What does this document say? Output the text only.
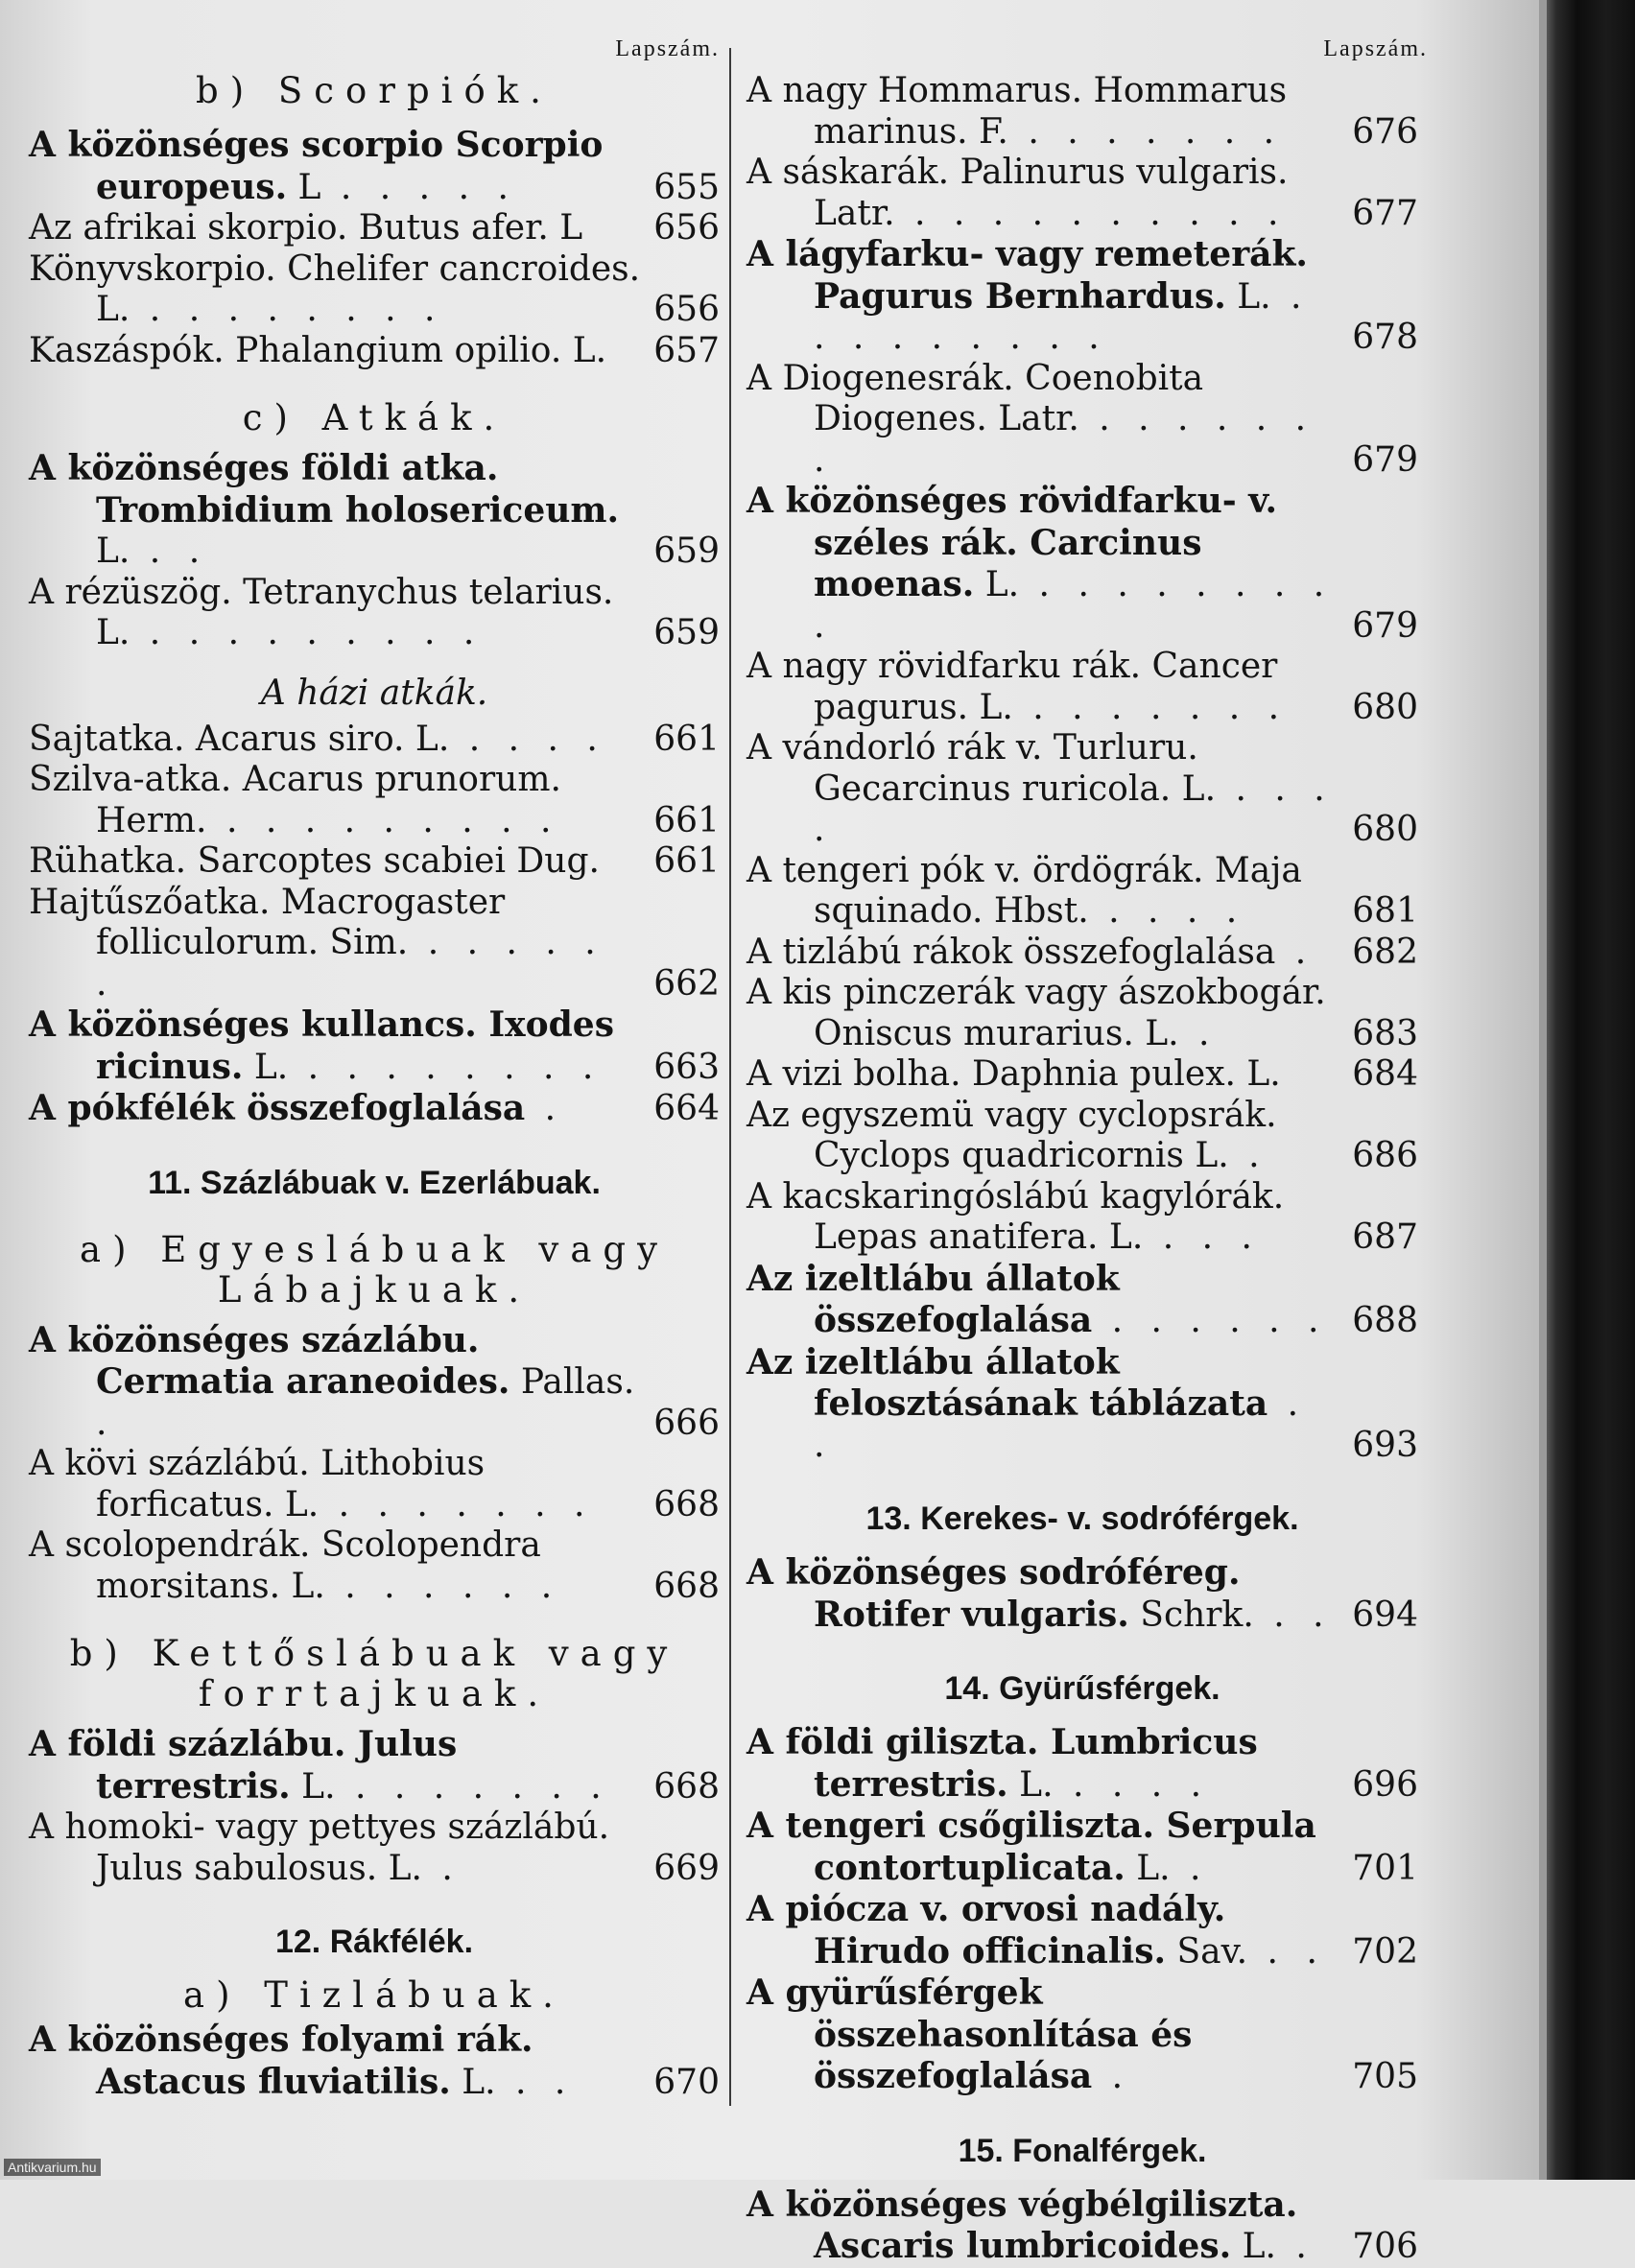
Lapszám.
b) Scorpiók.
A közönséges scorpio Scorpio europeus. L . . . . .	655
Az afrikai skorpio. Butus afer. L	656
Könyvskorpio. Chelifer cancroides. L. . . . . . . . .	656
Kaszáspók. Phalangium opilio. L.	657
c) Atkák.
A közönséges földi atka. Trombidium holosericeum. L. . .	659
A rézüszög. Tetranychus telarius. L. . . . . . . . . .	659
A házi atkák.
Sajtatka. Acarus siro. L. . . . .	661
Szilva-atka. Acarus prunorum. Herm. . . . . . . . . .	661
Rühatka. Sarcoptes scabiei Dug.	661
Hajtűszőatka. Macrogaster folliculorum. Sim. . . . . . .	662
A közönséges kullancs. Ixodes ricinus. L. . . . . . . . .	663
A pókfélék összefoglalása .	664
11. Százlábuak v. Ezerlábuak.
a) Egyeslábuak vagy Lábajkuak.
A közönséges százlábu. Cermatia araneoides. Pallas. .	666
A kövi százlábú. Lithobius forficatus. L. . . . . . . .	668
A scolopendrák. Scolopendra morsitans. L. . . . . . .	668
b) Kettőslábuak vagy forrtajkuak.
A földi százlábu. Julus terrestris. L. . . . . . . .	668
A homoki- vagy pettyes százlábú. Julus sabulosus. L. .	669
12. Rákfélék.
a) Tizlábuak.
A közönséges folyami rák. Astacus fluviatilis. L. . .	670
Lapszám.
A nagy Hommarus. Hommarus marinus. F. . . . . . . .	676
A sáskarák. Palinurus vulgaris. Latr. . . . . . . . . . .	677
A lágyfarku- vagy remeterák. Pagurus Bernhardus. L. . . . . . . . . .	678
A Diogenesrák. Coenobita Diogenes. Latr. . . . . . . .	679
A közönséges rövidfarku- v. széles rák. Carcinus moenas. L. . . . . . . . . .	679
A nagy rövidfarku rák. Cancer pagurus. L. . . . . . . .	680
A vándorló rák v. Turluru. Gecarcinus ruricola. L. . . . .	680
A tengeri pók v. ördögrák. Maja squinado. Hbst. . . . .	681
A tizlábú rákok összefoglalása .	682
A kis pinczerák vagy ászokbogár. Oniscus murarius. L. .	683
A vizi bolha. Daphnia pulex. L.	684
Az egyszemü vagy cyclopsrák. Cyclops quadricornis L. .	686
A kacskaringóslábú kagylórák. Lepas anatifera. L. . . .	687
Az izeltlábu állatok összefoglalása . . . . . . 688
Az izeltlábu állatok felosztásának táblázata . .	693
13. Kerekes- v. sodróférgek.
A közönséges sodróféreg. Rotifer vulgaris. Schrk. . . 694
14. Gyürűsférgek.
A földi giliszta. Lumbricus terrestris. L. . . . .	696
A tengeri csőgiliszta. Serpula contortuplicata. L. .	701
A piócza v. orvosi nadály. Hirudo officinalis. Sav. . . 702
A gyürűsférgek összehasonlítása és összefoglalása .	705
15. Fonalférgek.
A közönséges végbélgiliszta. Ascaris lumbricoides. L. .	706
Antikvarium.hu
